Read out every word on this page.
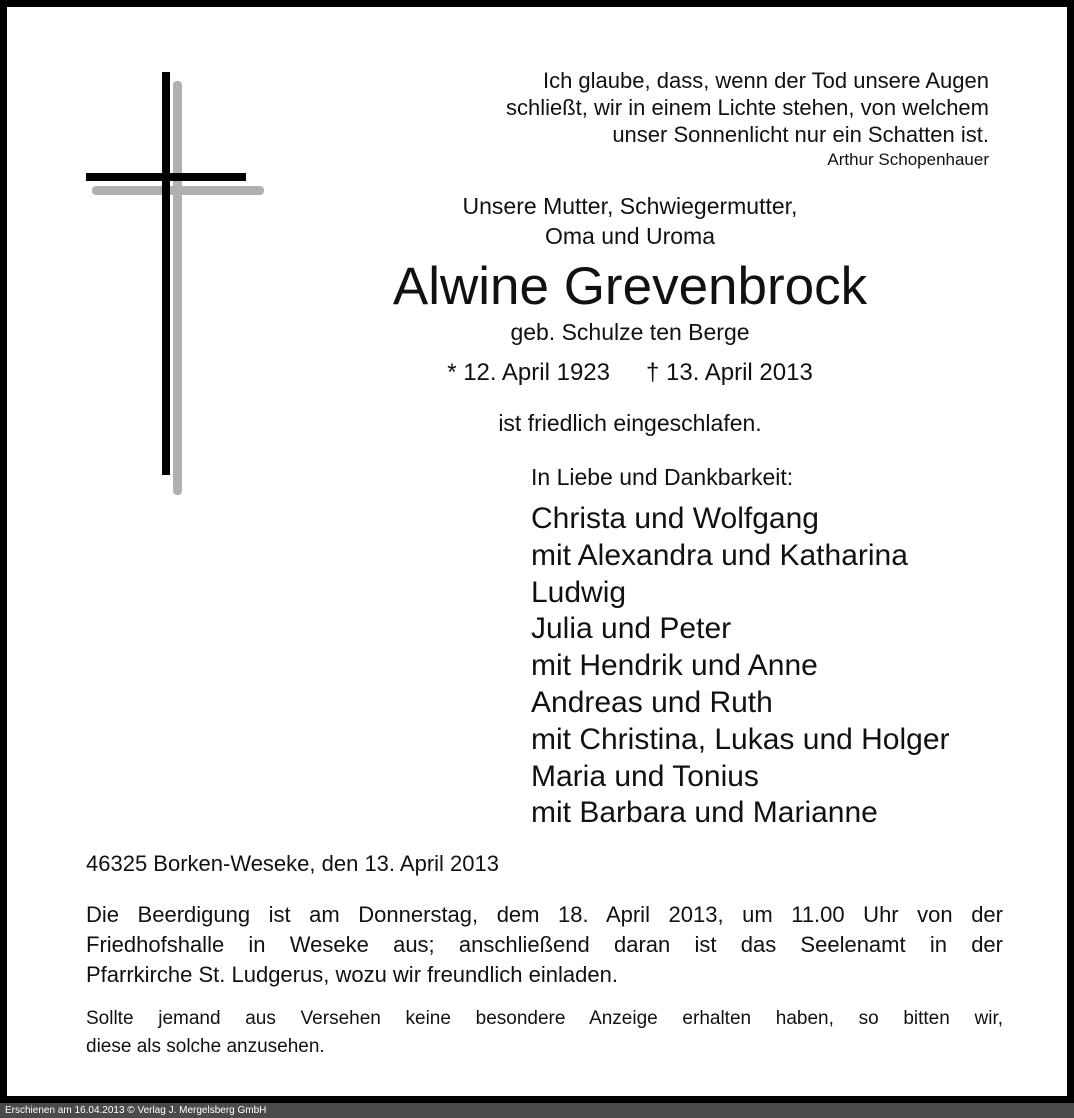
Ich glaube, dass, wenn der Tod unsere Augen
schließt, wir in einem Lichte stehen, von welchem
unser Sonnenlicht nur ein Schatten ist.
Arthur Schopenhauer
Unsere Mutter, Schwiegermutter,
Oma und Uroma
Alwine Grevenbrock
geb. Schulze ten Berge
* 12. April 1923 † 13. April 2013
ist friedlich eingeschlafen.
In Liebe und Dankbarkeit:
Christa und Wolfgang
mit Alexandra und Katharina
Ludwig
Julia und Peter
mit Hendrik und Anne
Andreas und Ruth
mit Christina, Lukas und Holger
Maria und Tonius
mit Barbara und Marianne
46325 Borken-Weseke, den 13. April 2013
Die Beerdigung ist am Donnerstag, dem 18. April 2013, um 11.00 Uhr von der
Friedhofshalle in Weseke aus; anschließend daran ist das Seelenamt in der
Pfarrkirche St. Ludgerus, wozu wir freundlich einladen.
Sollte jemand aus Versehen keine besondere Anzeige erhalten haben, so bitten wir,
diese als solche anzusehen.
Erschienen am 16.04.2013 © Verlag J. Mergelsberg GmbH
